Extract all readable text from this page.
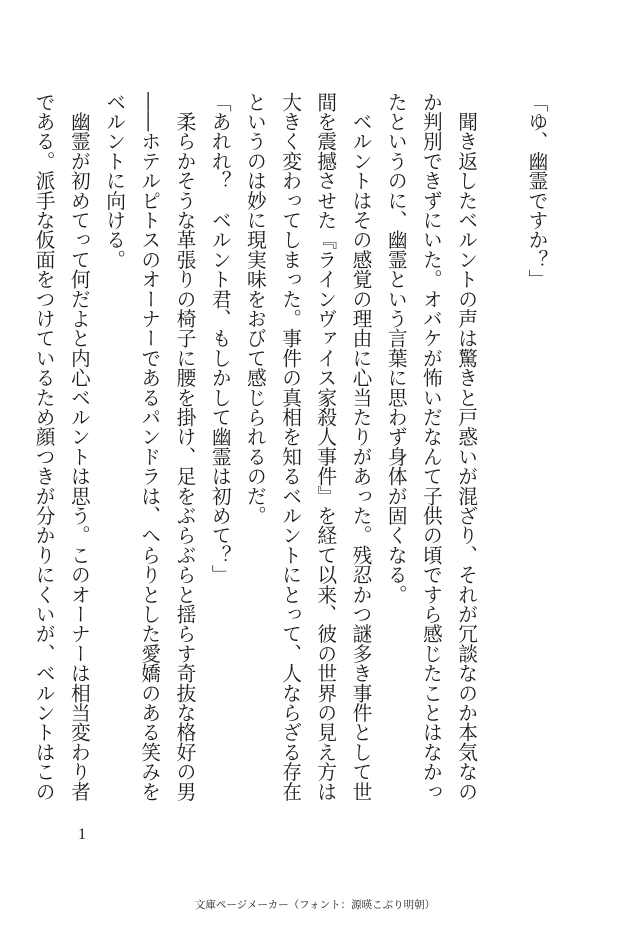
「ゆ、幽霊ですか？」

　聞き返したベルントの声は驚きと戸惑いが混ざり、それが冗談なのか本気なの
か判別できずにいた。オバケが怖いだなんて子供の頃ですら感じたことはなかっ
たというのに、幽霊という言葉に思わず身体が固くなる。
　ベルントはその感覚の理由に心当たりがあった。残忍かつ謎多き事件として世
間を震撼させた『ラインヴァイス家殺人事件』を経て以来、彼の世界の見え方は
大きく変わってしまった。事件の真相を知るベルントにとって、人ならざる存在
というのは妙に現実味をおびて感じられるのだ。
「あれれ？　ベルント君、もしかして幽霊は初めて？」
　柔らかそうな革張りの椅子に腰を掛け、足をぶらぶらと揺らす奇抜な格好の男
――ホテルピトスのオーナーであるパンドラは、へらりとした愛嬌のある笑みを
ベルントに向ける。
　幽霊が初めてって何だよと内心ベルントは思う。このオーナーは相当変わり者
である。派手な仮面をつけているため顔つきが分かりにくいが、ベルントはこの
1
文庫ページメーカー（フォント：源暎こぶり明朝）
